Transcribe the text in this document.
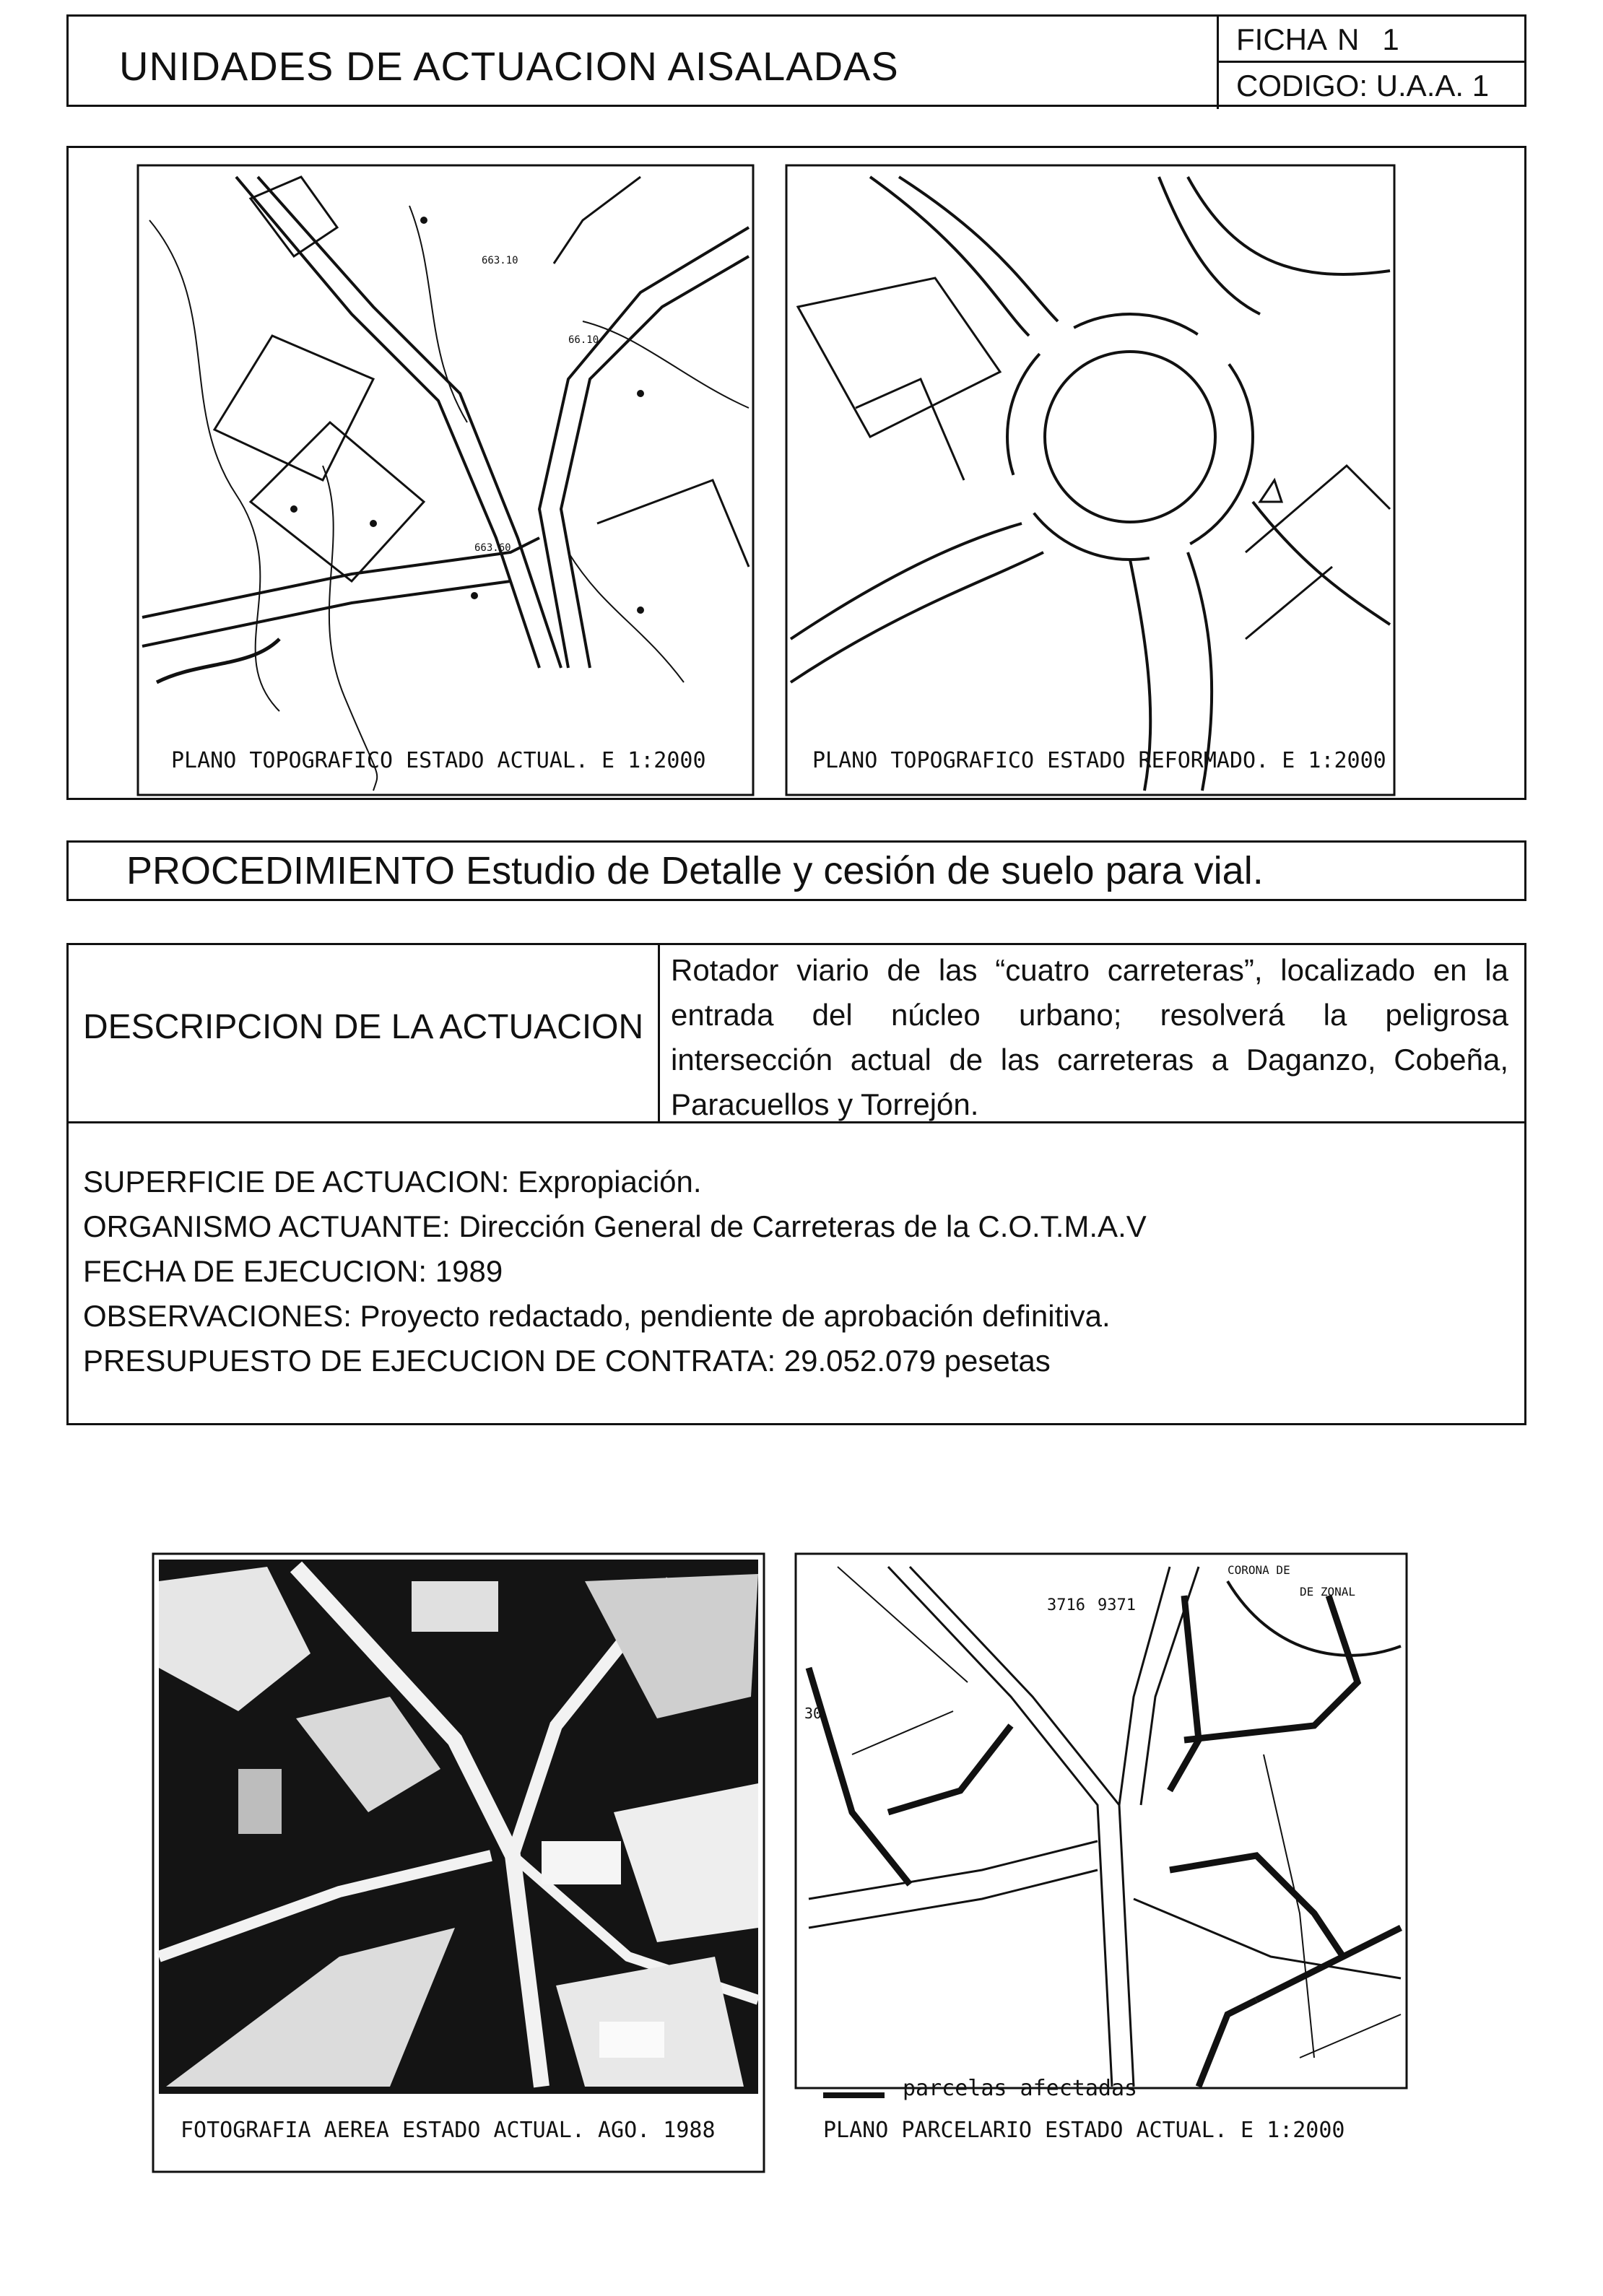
UNIDADES DE ACTUACION AISALADAS
FICHA N 1
CODIGO: U.A.A. 1
663.10
66.10
663.60
PLANO TOPOGRAFICO ESTADO ACTUAL. E 1:2000	PLANO TOPOGRAFICO ESTADO REFORMADO. E 1:2000
PROCEDIMIENTO Estudio de Detalle y cesión de suelo para vial.
DESCRIPCION DE LA ACTUACION
Rotador viario de las “cuatro carreteras”, localizado en la
entrada del núcleo urbano; resolverá la peligrosa
intersección actual de las carreteras a Daganzo, Cobeña,
Paracuellos y Torrejón.
SUPERFICIE DE ACTUACION: Expropiación.
ORGANISMO ACTUANTE: Dirección General de Carreteras de la C.O.T.M.A.V
FECHA DE EJECUCION: 1989
OBSERVACIONES: Proyecto redactado, pendiente de aprobación definitiva.
PRESUPUESTO DE EJECUCION DE CONTRATA: 29.052.079 pesetas
FOTOGRAFIA AEREA ESTADO ACTUAL. AGO. 1988
3716 9371
30
CORONA DE
DE ZONAL
parcelas afectadas
PLANO PARCELARIO ESTADO ACTUAL. E 1:2000
